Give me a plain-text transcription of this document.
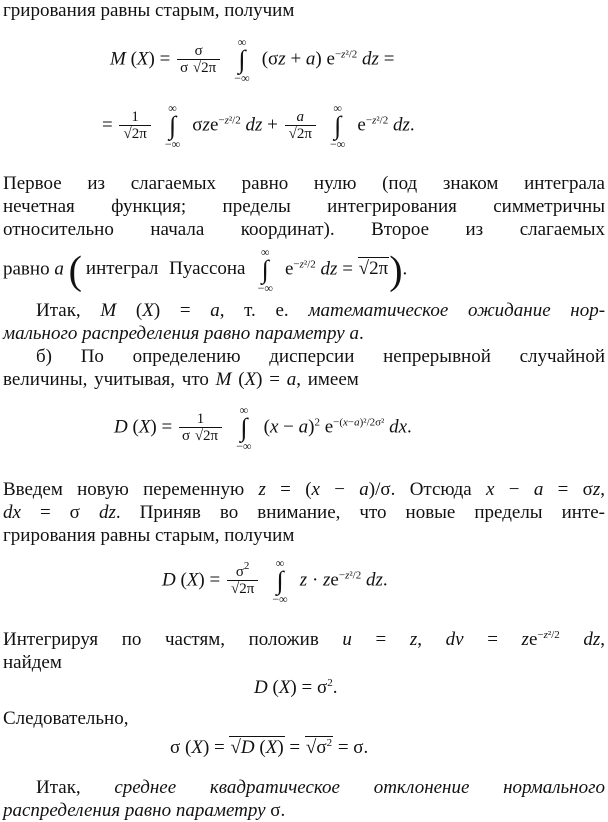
грирования равны старым, получим
M $(X) = \frac{\sigma}{\sigma √2\pi}$

∞
∫
−∞
(σz + a) $e^{-z^2/2}$ dz =
= $\frac{1}{√2\pi}$

∞
∫
−∞
σze$^{-z^2/2}$ dz + $\frac{a}{√2\pi}$

∞
∫
−∞
$e^{-z^2/2}$ dz.
Первое из слагаемых равно нулю (под знаком интеграла
нечетная функция; пределы интегрирования симметричны
относительно начала координат). Второе из слагаемых
равно a ( интеграл Пуассона
∞
∫
−∞
$e^{-z^2/2}$ dz = √2π).
Итак, M (X) = a, т. е. математическое ожидание нор-
мального распределения равно параметру a.
б) По определению дисперсии непрерывной случайной
величины, учитывая, что M (X) = a, имеем
D $(X) = \frac{1}{\sigma √2\pi}$

∞
∫
−∞
$(x - a)^2$ $e^{-(x-a)^2/2\sigma^2}$ dx.
Введем новую переменную z = (x − a)/σ. Отсюда x − a = σz,
dx = σ dz. Приняв во внимание, что новые пределы инте-
грирования равны старым, получим
D $(X) = \frac{\sigma^2}{√2\pi}$

∞
∫
−∞
$z \cdot ze^{-z^2/2}$ dz.
Интегрируя по частям, положив u = z, dv = $ze^{-z^2/2}$ dz,
найдем
D $(X) = \sigma^2$.
Следовательно,
σ (X) = √D $(X) = √\sigma^2 = \sigma$.
Итак, среднее квадратическое отклонение нормального
распределения равно параметру σ.
